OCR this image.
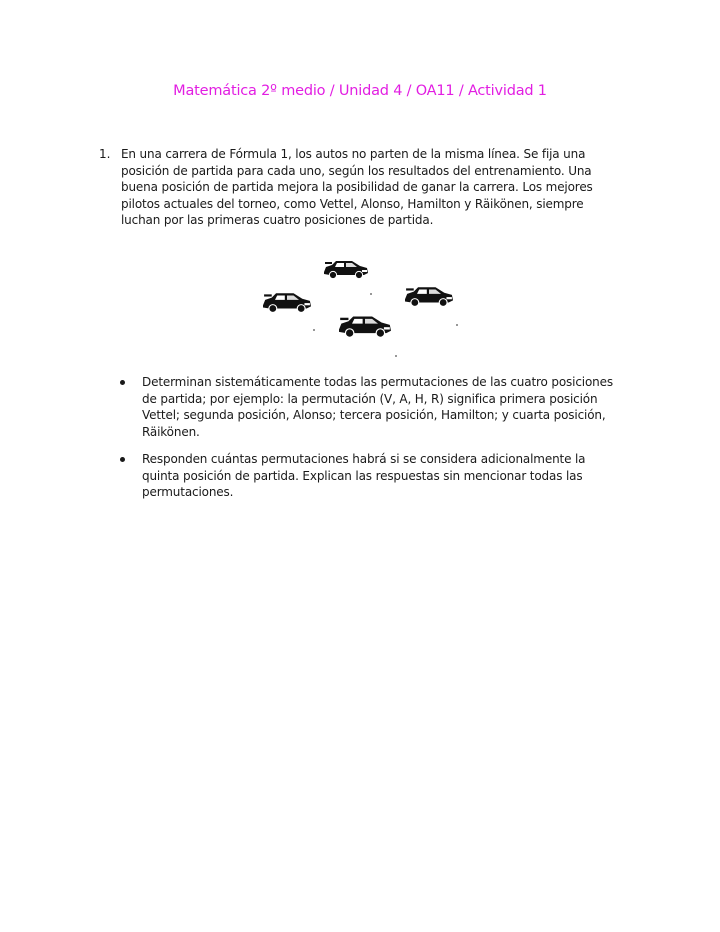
Matemática 2º medio / Unidad 4 / OA11 / Actividad 1
1. En una carrera de Fórmula 1, los autos no parten de la misma línea. Se fija una posición de partida para cada uno, según los resultados del entrenamiento. Una buena posición de partida mejora la posibilidad de ganar la carrera. Los mejores pilotos actuales del torneo, como Vettel, Alonso, Hamilton y Räikönen, siempre luchan por las primeras cuatro posiciones de partida.
Determinan sistemáticamente todas las permutaciones de las cuatro posiciones de partida; por ejemplo: la permutación (V, A, H, R) significa primera posición Vettel; segunda posición, Alonso; tercera posición, Hamilton; y cuarta posición, Räikönen.
Responden cuántas permutaciones habrá si se considera adicionalmente la quinta posición de partida. Explican las respuestas sin mencionar todas las permutaciones.
